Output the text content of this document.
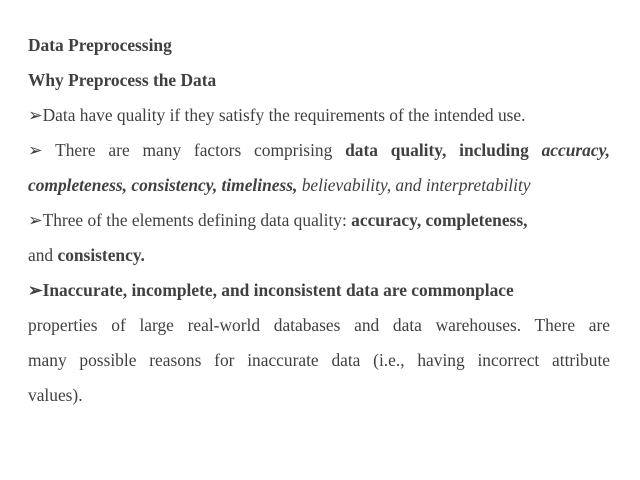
Data Preprocessing
Why Preprocess the Data
➢Data have quality if they satisfy the requirements of the intended use.
➢ There are many factors comprising data quality, including accuracy,
completeness, consistency, timeliness, believability, and interpretability
➢Three of the elements defining data quality: accuracy, completeness,
and consistency.
➢Inaccurate, incomplete, and inconsistent data are commonplace
properties of large real-world databases and data warehouses. There are
many possible reasons for inaccurate data (i.e., having incorrect attribute
values).
